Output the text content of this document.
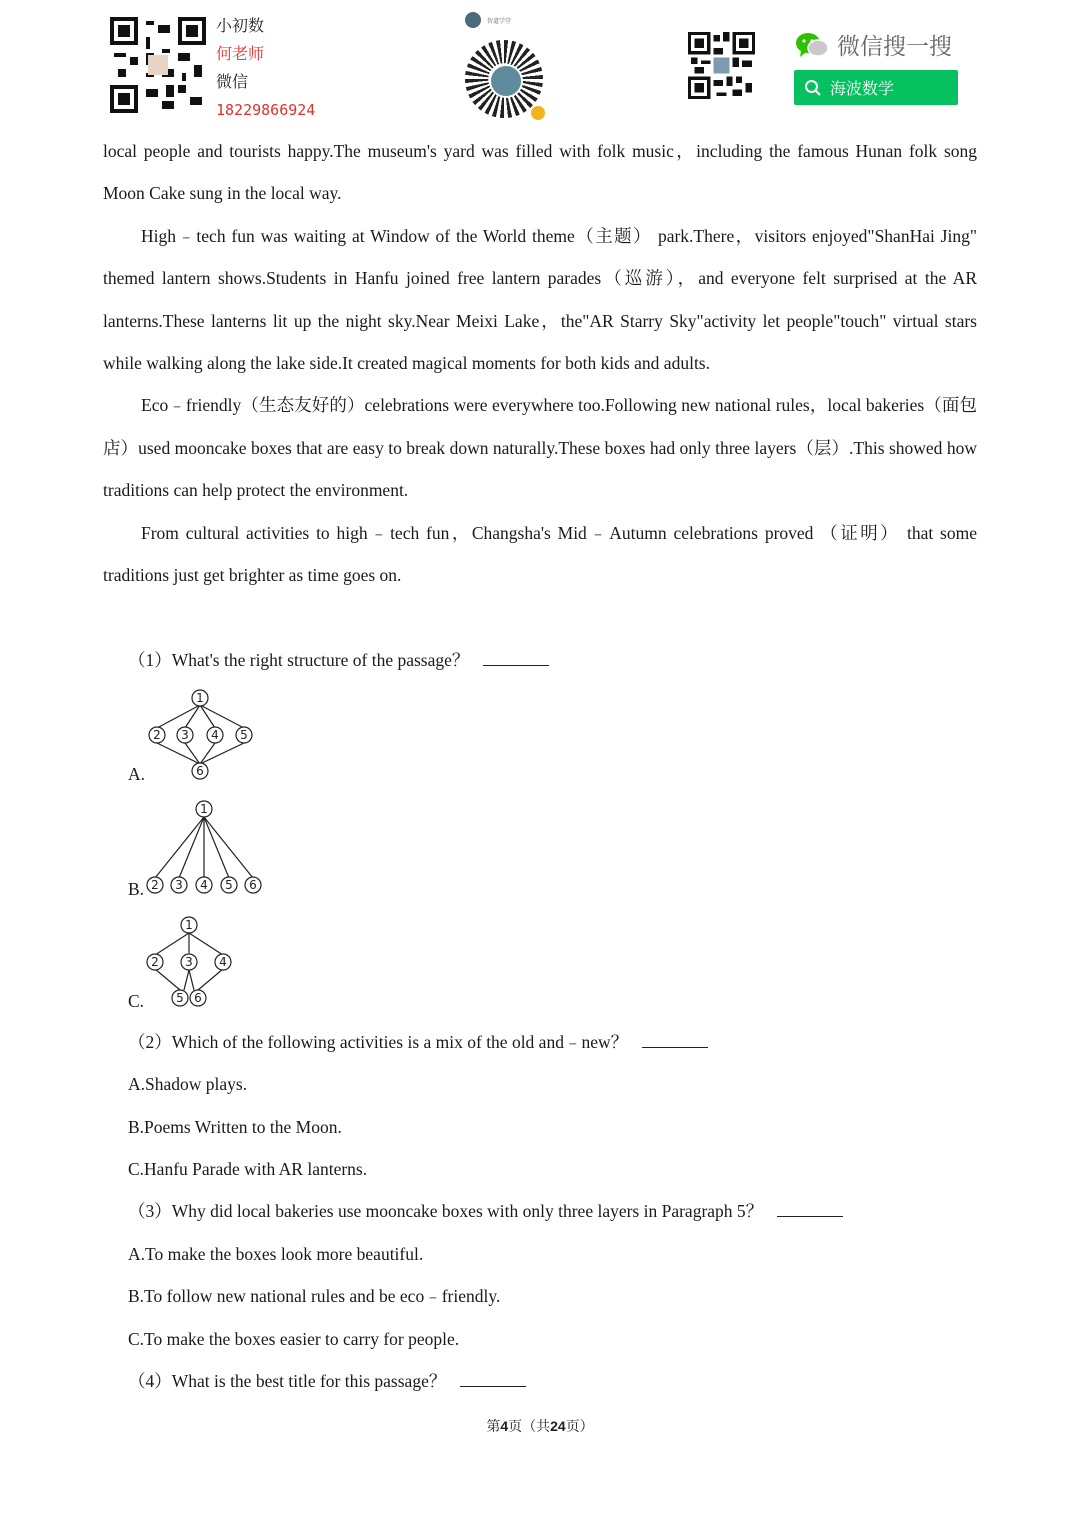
小初数
何老师
微信
18229866924
智道学堂
微信搜一搜
海波数学

local people and tourists happy.The museum's yard was filled with folk music，including the famous Hunan folk song Moon Cake sung in the local way.

High﹣tech fun was waiting at Window of the World theme（主题） park.There，visitors enjoyed"ShanHai Jing" themed lantern shows.Students in Hanfu joined free lantern parades（巡游），and everyone felt surprised at the AR lanterns.These lanterns lit up the night sky.Near Meixi Lake，the"AR Starry Sky"activity let people"touch" virtual stars while walking along the lake side.It created magical moments for both kids and adults.

Eco﹣friendly（生态友好的）celebrations were everywhere too.Following new national rules，local bakeries（面包店）used mooncake boxes that are easy to break down naturally.These boxes had only three layers（层）.This showed how traditions can help protect the environment.

From cultural activities to high﹣tech fun，Changsha's Mid﹣Autumn celebrations proved （证明） that some traditions just get brighter as time goes on.

（1）What's the right structure of the passage？
A.
1
2 3 4 5
6
B.
1
2 3 4 5 6
C.
1
2 3 4
5 6
（2）Which of the following activities is a mix of the old and﹣new？
A.Shadow plays.
B.Poems Written to the Moon.
C.Hanfu Parade with AR lanterns.
（3）Why did local bakeries use mooncake boxes with only three layers in Paragraph 5？
A.To make the boxes look more beautiful.
B.To follow new national rules and be eco﹣friendly.
C.To make the boxes easier to carry for people.
（4）What is the best title for this passage？
第4页（共24页）
